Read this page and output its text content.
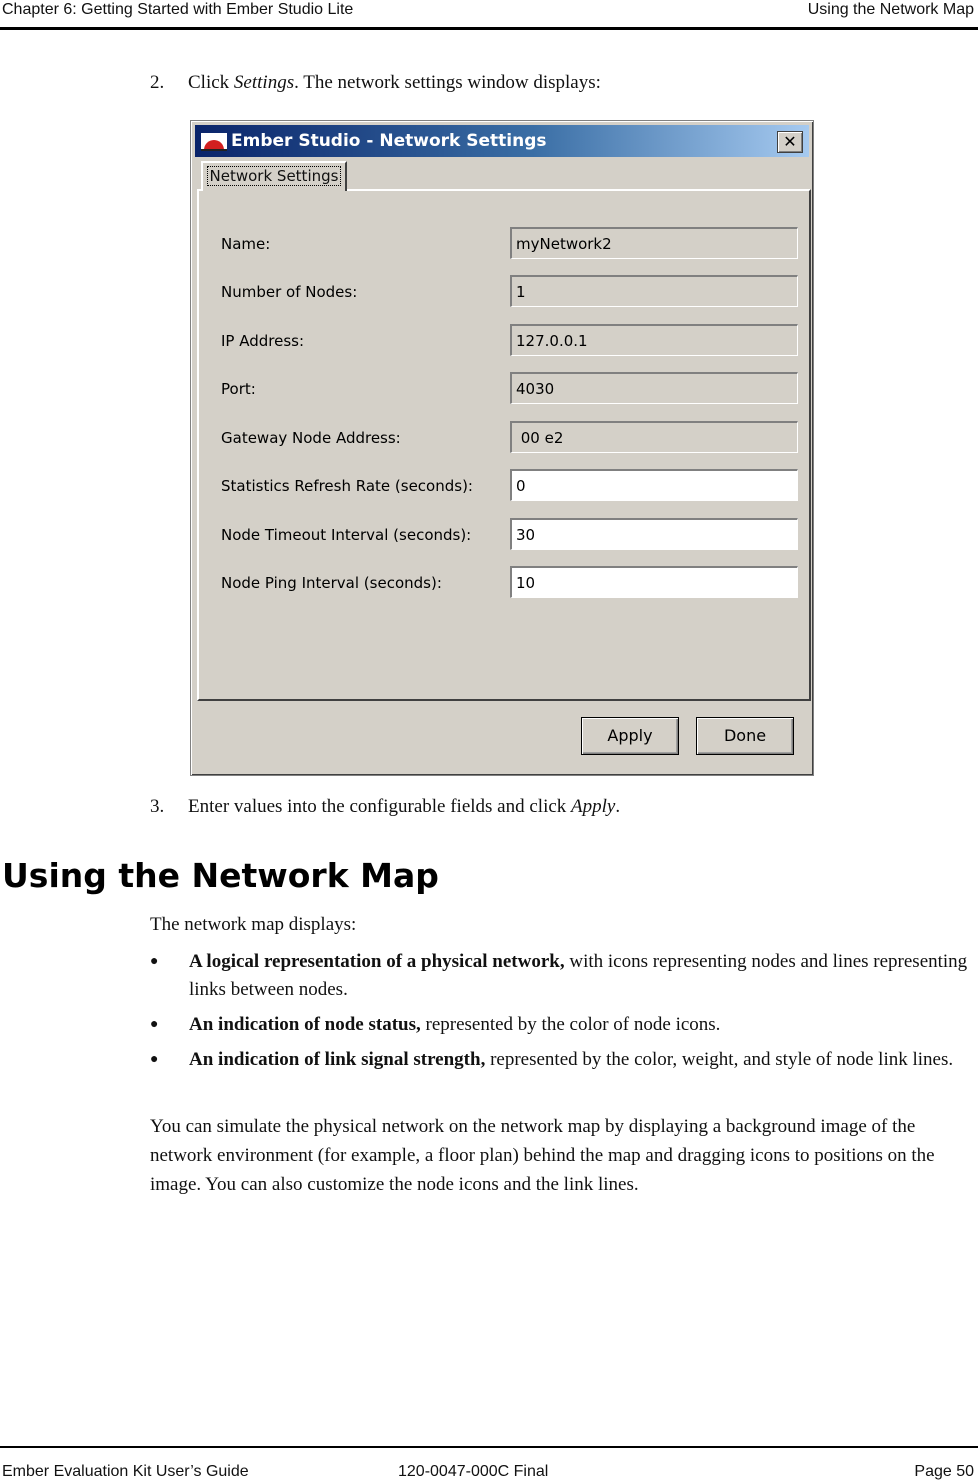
Chapter 6: Getting Started with Ember Studio Lite	Using the Network Map
2. Click Settings. The network settings window displays:
Ember Studio - Network Settings	✕
Network Settings
Name:	myNetwork2
Number of Nodes:	1
IP Address:	127.0.0.1
Port:	4030
Gateway Node Address:	00 e2
Statistics Refresh Rate (seconds):	0
Node Timeout Interval (seconds):	30
Node Ping Interval (seconds):	10
Apply	Done
3. Enter values into the configurable fields and click Apply.
Using the Network Map

The network map displays:

● A logical representation of a physical network, with icons representing nodes and lines representing links between nodes.
● An indication of node status, represented by the color of node icons.
● An indication of link signal strength, represented by the color, weight, and style of node link lines.

You can simulate the physical network on the network map by displaying a background image of the network environment (for example, a floor plan) behind the map and dragging icons to positions on the image. You can also customize the node icons and the link lines.

Ember Evaluation Kit User’s Guide	120-0047-000C Final	Page 50
